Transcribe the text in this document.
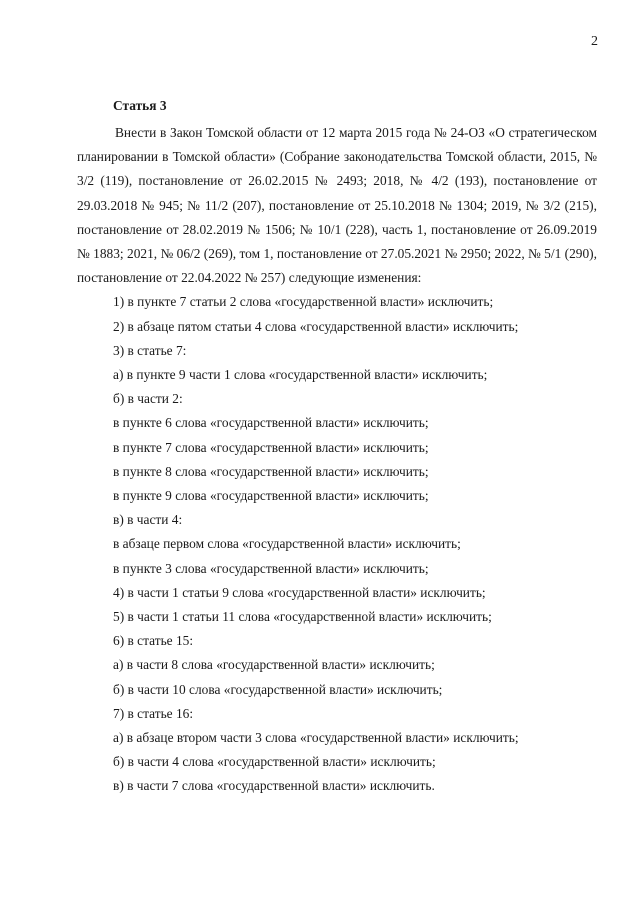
2

Статья 3

Внести в Закон Томской области от 12 марта 2015 года № 24-ОЗ «О стратегическом планировании в Томской области» (Собрание законодательства Томской области, 2015, № 3/2 (119), постановление от 26.02.2015 № 2493; 2018, № 4/2 (193), постановление от 29.03.2018 № 945; № 11/2 (207), постановление от 25.10.2018 № 1304; 2019, № 3/2 (215), постановление от 28.02.2019 № 1506; № 10/1 (228), часть 1, постановление от 26.09.2019 № 1883; 2021, № 06/2 (269), том 1, постановление от 27.05.2021 № 2950; 2022, № 5/1 (290), постановление от 22.04.2022 № 257) следующие изменения:

1) в пункте 7 статьи 2 слова «государственной власти» исключить;

2) в абзаце пятом статьи 4 слова «государственной власти» исключить;

3) в статье 7:

а) в пункте 9 части 1 слова «государственной власти» исключить;

б) в части 2:

в пункте 6 слова «государственной власти» исключить;

в пункте 7 слова «государственной власти» исключить;

в пункте 8 слова «государственной власти» исключить;

в пункте 9 слова «государственной власти» исключить;

в) в части 4:

в абзаце первом слова «государственной власти» исключить;

в пункте 3 слова «государственной власти» исключить;

4) в части 1 статьи 9 слова «государственной власти» исключить;

5) в части 1 статьи 11 слова «государственной власти» исключить;

6) в статье 15:

а) в части 8 слова «государственной власти» исключить;

б) в части 10 слова «государственной власти» исключить;

7) в статье 16:

а) в абзаце втором части 3 слова «государственной власти» исключить;

б) в части 4 слова «государственной власти» исключить;

в) в части 7 слова «государственной власти» исключить.
